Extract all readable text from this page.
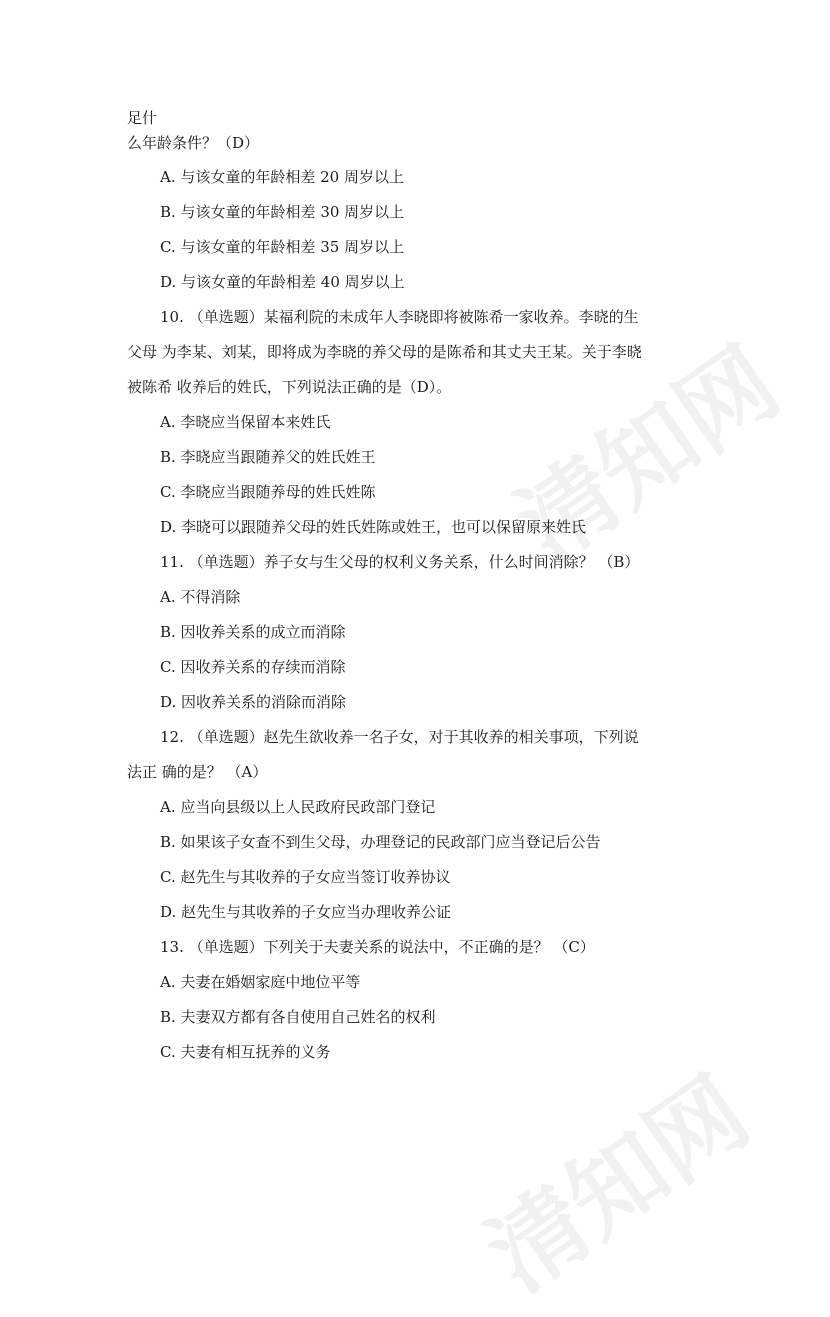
清知网
清知网
足什
么年龄条件？（D）
A. 与该女童的年龄相差 20 周岁以上
B. 与该女童的年龄相差 30 周岁以上
C. 与该女童的年龄相差 35 周岁以上
D. 与该女童的年龄相差 40 周岁以上
10. （单选题）某福利院的未成年人李晓即将被陈希一家收养。李晓的生
父母 为李某、刘某，即将成为李晓的养父母的是陈希和其丈夫王某。关于李晓
被陈希 收养后的姓氏，下列说法正确的是（D）。
A. 李晓应当保留本来姓氏
B. 李晓应当跟随养父的姓氏姓王
C. 李晓应当跟随养母的姓氏姓陈
D. 李晓可以跟随养父母的姓氏姓陈或姓王，也可以保留原来姓氏
11. （单选题）养子女与生父母的权利义务关系，什么时间消除？ （B）
A. 不得消除
B. 因收养关系的成立而消除
C. 因收养关系的存续而消除
D. 因收养关系的消除而消除
12. （单选题）赵先生欲收养一名子女，对于其收养的相关事项，下列说
法正 确的是？ （A）
A. 应当向县级以上人民政府民政部门登记
B. 如果该子女查不到生父母，办理登记的民政部门应当登记后公告
C. 赵先生与其收养的子女应当签订收养协议
D. 赵先生与其收养的子女应当办理收养公证
13. （单选题）下列关于夫妻关系的说法中，不正确的是？ （C）
A. 夫妻在婚姻家庭中地位平等
B. 夫妻双方都有各自使用自己姓名的权利
C. 夫妻有相互抚养的义务
